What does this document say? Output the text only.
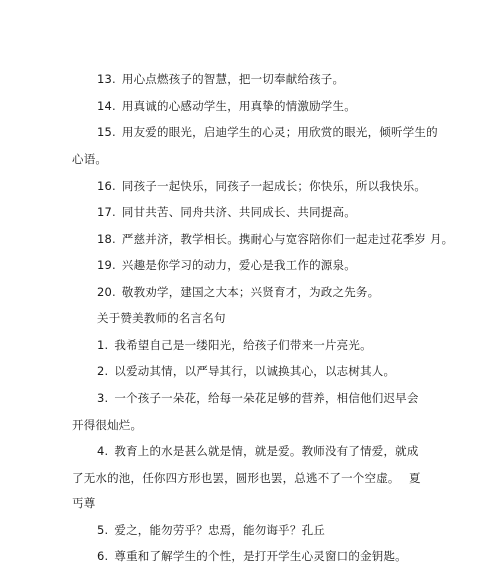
13. 用心点燃孩子的智慧，把一切奉献给孩子。
14. 用真诚的心感动学生，用真挚的情激励学生。
15. 用友爱的眼光，启迪学生的心灵；用欣赏的眼光，倾听学生的
心语。
16. 同孩子一起快乐，同孩子一起成长；你快乐，所以我快乐。
17. 同甘共苦、同舟共济、共同成长、共同提高。
18. 严慈并济，教学相长。携耐心与宽容陪你们一起走过花季岁 月。
19. 兴趣是你学习的动力，爱心是我工作的源泉。
20. 敬教劝学，建国之大本；兴贤育才，为政之先务。
关于赞美教师的名言名句
1. 我希望自己是一缕阳光，给孩子们带来一片亮光。
2. 以爱动其情，以严导其行，以诚换其心，以志树其人。
3. 一个孩子一朵花，给每一朵花足够的营养，相信他们迟早会
开得很灿烂。
4. 教育上的水是甚么就是情，就是爱。教师没有了情爱，就成
了无水的池，任你四方形也罢，圆形也罢，总逃不了一个空虚。 夏
丐尊
5. 爱之，能勿劳乎？忠焉，能勿诲乎？孔丘
6. 尊重和了解学生的个性，是打开学生心灵窗口的金钥匙。
